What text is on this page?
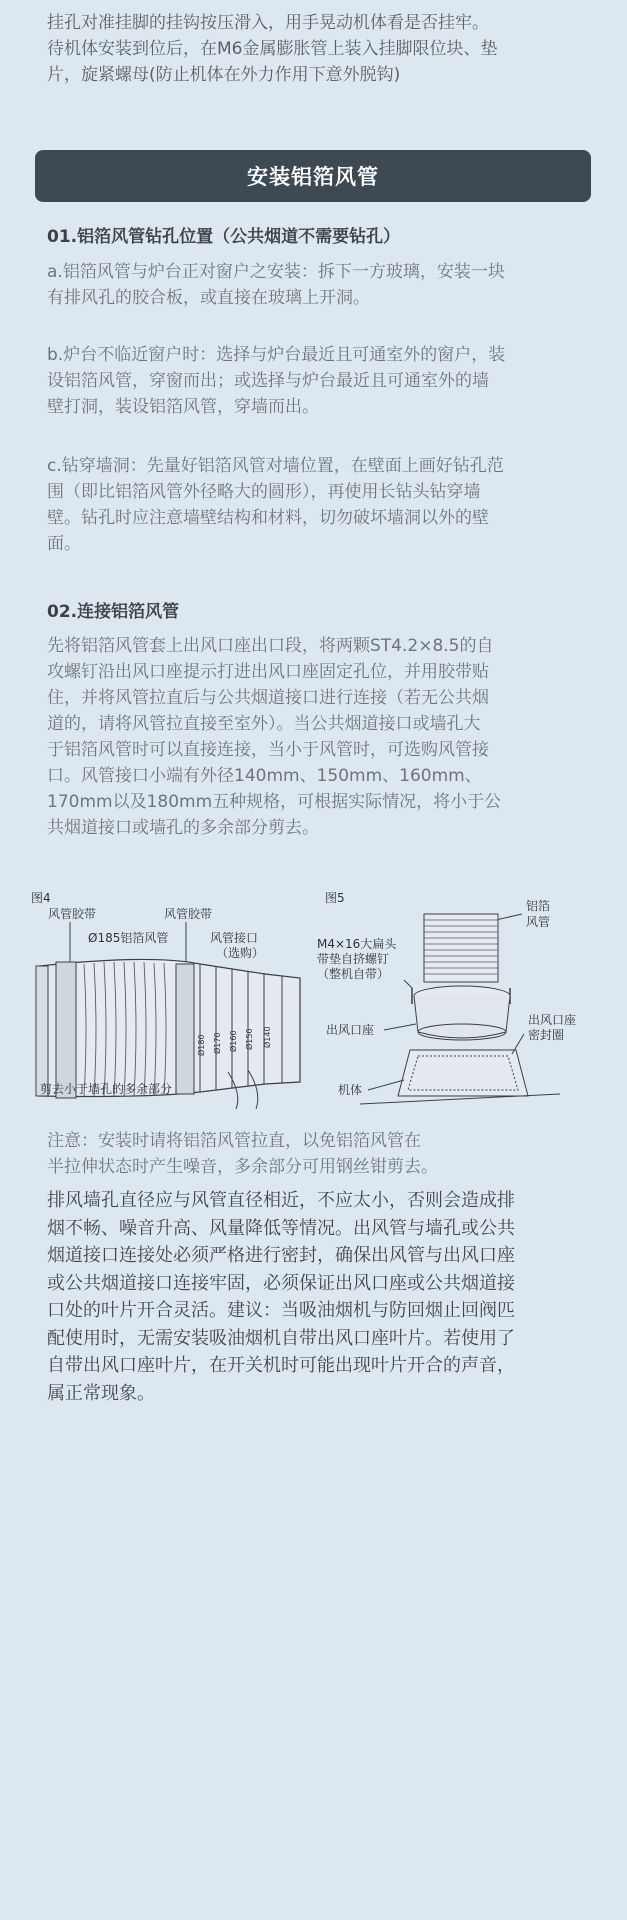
挂孔对准挂脚的挂钩按压滑入，用手晃动机体看是否挂牢。
待机体安装到位后，在M6金属膨胀管上装入挂脚限位块、垫
片，旋紧螺母(防止机体在外力作用下意外脱钩)

安装铝箔风管

01.铝箔风管钻孔位置（公共烟道不需要钻孔）

a.铝箔风管与炉台正对窗户之安装：拆下一方玻璃，安装一块
有排风孔的胶合板，或直接在玻璃上开洞。

b.炉台不临近窗户时：选择与炉台最近且可通室外的窗户，装
设铝箔风管，穿窗而出；或选择与炉台最近且可通室外的墙
壁打洞，装设铝箔风管，穿墙而出。

c.钻穿墙洞：先量好铝箔风管对墙位置，在壁面上画好钻孔范
围（即比铝箔风管外径略大的圆形），再使用长钻头钻穿墙
壁。钻孔时应注意墙壁结构和材料，切勿破坏墙洞以外的壁
面。

02.连接铝箔风管

先将铝箔风管套上出风口座出口段，将两颗ST4.2×8.5的自
攻螺钉沿出风口座提示打进出风口座固定孔位，并用胶带贴
住，并将风管拉直后与公共烟道接口进行连接（若无公共烟
道的，请将风管拉直接至室外）。当公共烟道接口或墙孔大
于铝箔风管时可以直接连接，当小于风管时，可选购风管接
口。风管接口小端有外径140mm、150mm、160mm、
170mm以及180mm五种规格，可根据实际情况，将小于公
共烟道接口或墙孔的多余部分剪去。

图4
风管胶带	风管胶带
Ø185铝箔风管	风管接口
（选购）
Ø180 Ø170 Ø160 Ø150 Ø140
剪去小于墙孔的多余部分
图5
铝箔
风管
M4×16大扁头
带垫自挤螺钉
（整机自带）
出风口座
出风口座
密封圈
机体

注意：安装时请将铝箔风管拉直，以免铝箔风管在
半拉伸状态时产生噪音，多余部分可用钢丝钳剪去。

排风墙孔直径应与风管直径相近，不应太小，否则会造成排
烟不畅、噪音升高、风量降低等情况。出风管与墙孔或公共
烟道接口连接处必须严格进行密封，确保出风管与出风口座
或公共烟道接口连接牢固，必须保证出风口座或公共烟道接
口处的叶片开合灵活。建议：当吸油烟机与防回烟止回阀匹
配使用时，无需安装吸油烟机自带出风口座叶片。若使用了
自带出风口座叶片，在开关机时可能出现叶片开合的声音，
属正常现象。
